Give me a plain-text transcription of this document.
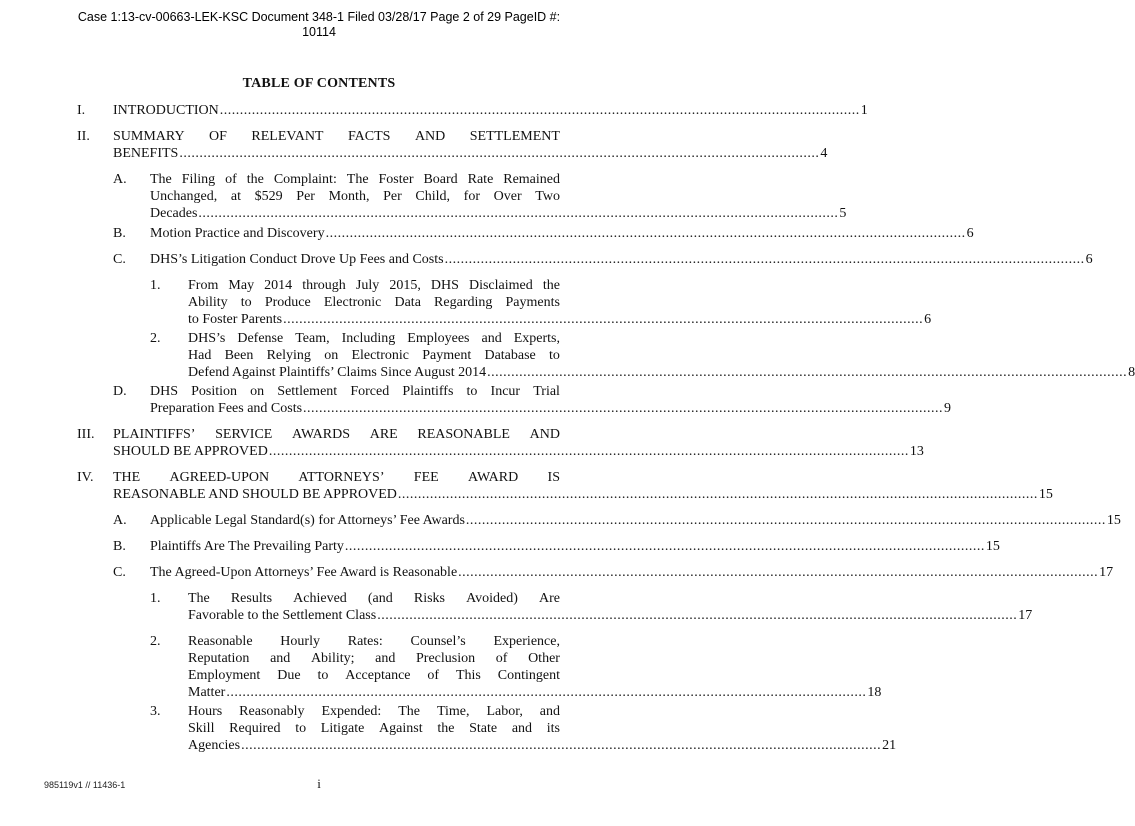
Case 1:13-cv-00663-LEK-KSC Document 348-1 Filed 03/28/17 Page 2 of 29 PageID #:
10114
TABLE OF CONTENTS
I. INTRODUCTION ................................................................................................................................................................ 1
II. SUMMARY OF RELEVANT FACTS AND SETTLEMENT
BENEFITS ................................................................................................................................................................ 4
A. The Filing of the Complaint: The Foster Board Rate Remained
Unchanged, at $529 Per Month, Per Child, for Over Two
Decades ................................................................................................................................................................ 5
B. Motion Practice and Discovery ................................................................................................................................................................ 6
C. DHS’s Litigation Conduct Drove Up Fees and Costs ................................................................................................................................................................ 6
1. From May 2014 through July 2015, DHS Disclaimed the
Ability to Produce Electronic Data Regarding Payments
to Foster Parents ................................................................................................................................................................ 6
2. DHS’s Defense Team, Including Employees and Experts,
Had Been Relying on Electronic Payment Database to
Defend Against Plaintiffs’ Claims Since August 2014 ................................................................................................................................................................ 8
D. DHS Position on Settlement Forced Plaintiffs to Incur Trial
Preparation Fees and Costs ................................................................................................................................................................ 9
III. PLAINTIFFS’ SERVICE AWARDS ARE REASONABLE AND
SHOULD BE APPROVED ................................................................................................................................................................ 13
IV. THE AGREED-UPON ATTORNEYS’ FEE AWARD IS
REASONABLE AND SHOULD BE APPROVED ................................................................................................................................................................ 15
A. Applicable Legal Standard(s) for Attorneys’ Fee Awards ................................................................................................................................................................ 15
B. Plaintiffs Are The Prevailing Party ................................................................................................................................................................ 15
C. The Agreed-Upon Attorneys’ Fee Award is Reasonable ................................................................................................................................................................ 17
1. The Results Achieved (and Risks Avoided) Are
Favorable to the Settlement Class ................................................................................................................................................................ 17
2. Reasonable Hourly Rates: Counsel’s Experience,
Reputation and Ability; and Preclusion of Other
Employment Due to Acceptance of This Contingent
Matter ................................................................................................................................................................ 18
3. Hours Reasonably Expended: The Time, Labor, and
Skill Required to Litigate Against the State and its
Agencies ................................................................................................................................................................ 21
985119v1 // 11436-1	i
